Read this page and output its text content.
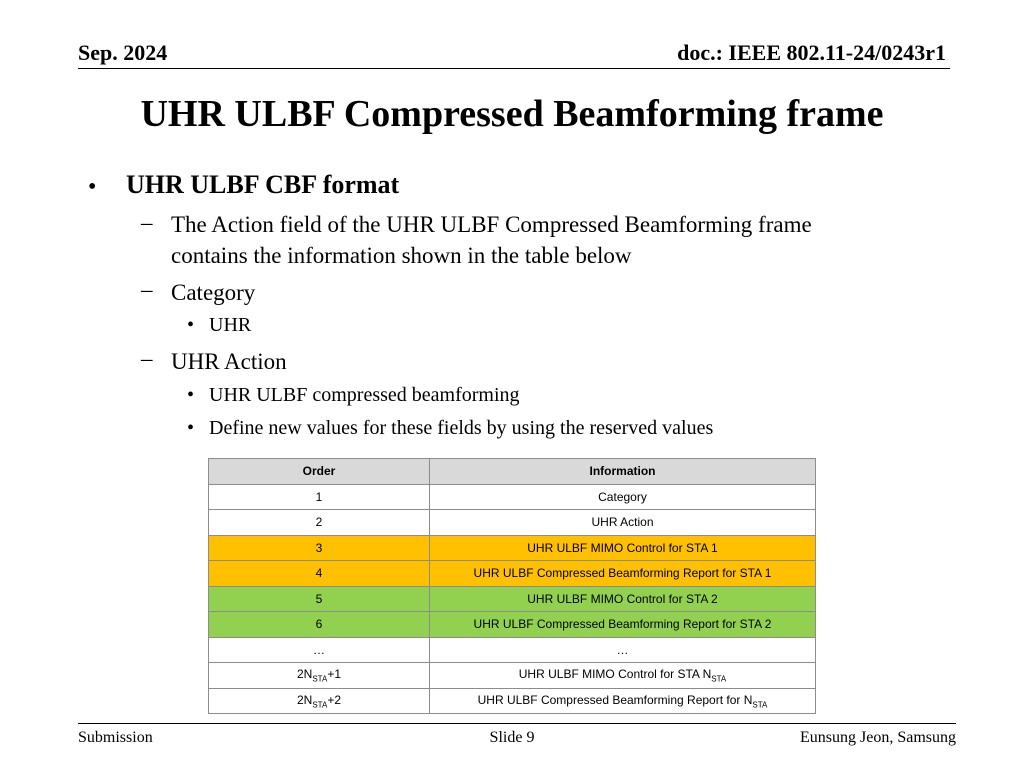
Sep. 2024	doc.: IEEE 802.11-24/0243r1
UHR ULBF Compressed Beamforming frame
• UHR ULBF CBF format
– The Action field of the UHR ULBF Compressed Beamforming frame
contains the information shown in the table below
– Category
• UHR
– UHR Action
• UHR ULBF compressed beamforming
• Define new values for these fields by using the reserved values
Order	Information
1	Category
2	UHR Action
3	UHR ULBF MIMO Control for STA 1
4	UHR ULBF Compressed Beamforming Report for STA 1
5	UHR ULBF MIMO Control for STA 2
6	UHR ULBF Compressed Beamforming Report for STA 2
…	…
$2N_{STA}+1$	UHR ULBF MIMO Control for STA $N_{STA}$
$2N_{STA}+2$	UHR ULBF Compressed Beamforming Report for $N_{STA}$
Submission	Slide 9	Eunsung Jeon, Samsung
